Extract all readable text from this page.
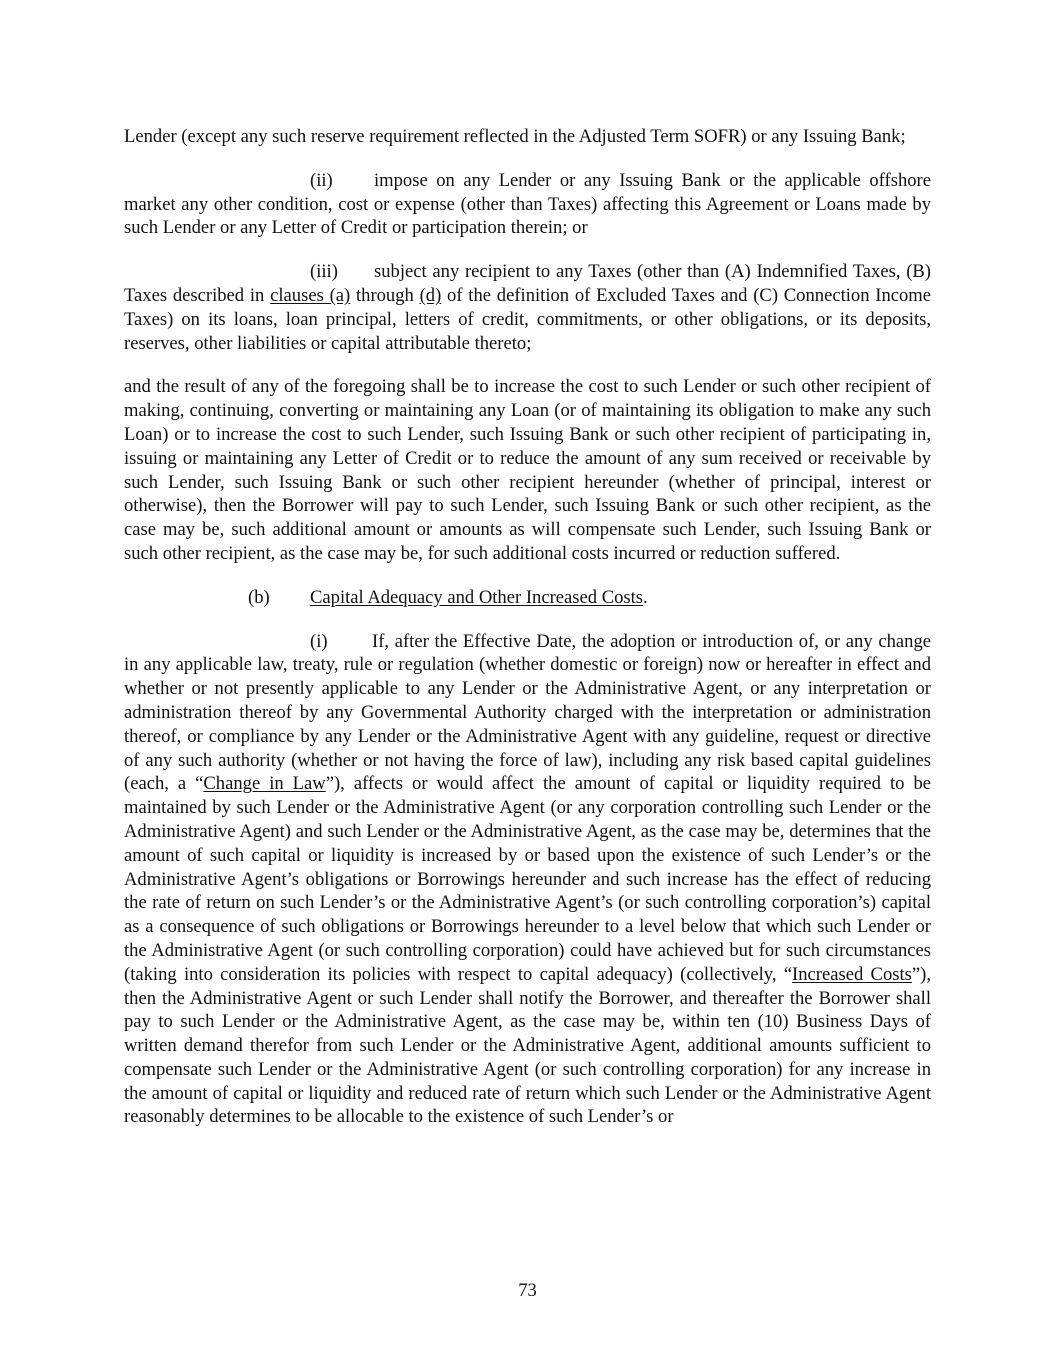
Lender (except any such reserve requirement reflected in the Adjusted Term SOFR) or any Issuing Bank;

(ii) impose on any Lender or any Issuing Bank or the applicable offshore market any other condition, cost or expense (other than Taxes) affecting this Agreement or Loans made by such Lender or any Letter of Credit or participation therein; or

(iii) subject any recipient to any Taxes (other than (A) Indemnified Taxes, (B) Taxes described in clauses (a) through (d) of the definition of Excluded Taxes and (C) Connection Income Taxes) on its loans, loan principal, letters of credit, commitments, or other obligations, or its deposits, reserves, other liabilities or capital attributable thereto;

and the result of any of the foregoing shall be to increase the cost to such Lender or such other recipient of making, continuing, converting or maintaining any Loan (or of maintaining its obligation to make any such Loan) or to increase the cost to such Lender, such Issuing Bank or such other recipient of participating in, issuing or maintaining any Letter of Credit or to reduce the amount of any sum received or receivable by such Lender, such Issuing Bank or such other recipient hereunder (whether of principal, interest or otherwise), then the Borrower will pay to such Lender, such Issuing Bank or such other recipient, as the case may be, such additional amount or amounts as will compensate such Lender, such Issuing Bank or such other recipient, as the case may be, for such additional costs incurred or reduction suffered.

(b) Capital Adequacy and Other Increased Costs.

(i) If, after the Effective Date, the adoption or introduction of, or any change in any applicable law, treaty, rule or regulation (whether domestic or foreign) now or hereafter in effect and whether or not presently applicable to any Lender or the Administrative Agent, or any interpretation or administration thereof by any Governmental Authority charged with the interpretation or administration thereof, or compliance by any Lender or the Administrative Agent with any guideline, request or directive of any such authority (whether or not having the force of law), including any risk based capital guidelines (each, a “Change in Law”), affects or would affect the amount of capital or liquidity required to be maintained by such Lender or the Administrative Agent (or any corporation controlling such Lender or the Administrative Agent) and such Lender or the Administrative Agent, as the case may be, determines that the amount of such capital or liquidity is increased by or based upon the existence of such Lender’s or the Administrative Agent’s obligations or Borrowings hereunder and such increase has the effect of reducing the rate of return on such Lender’s or the Administrative Agent’s (or such controlling corporation’s) capital as a consequence of such obligations or Borrowings hereunder to a level below that which such Lender or the Administrative Agent (or such controlling corporation) could have achieved but for such circumstances (taking into consideration its policies with respect to capital adequacy) (collectively, “Increased Costs”), then the Administrative Agent or such Lender shall notify the Borrower, and thereafter the Borrower shall pay to such Lender or the Administrative Agent, as the case may be, within ten (10) Business Days of written demand therefor from such Lender or the Administrative Agent, additional amounts sufficient to compensate such Lender or the Administrative Agent (or such controlling corporation) for any increase in the amount of capital or liquidity and reduced rate of return which such Lender or the Administrative Agent reasonably determines to be allocable to the existence of such Lender’s or

73
